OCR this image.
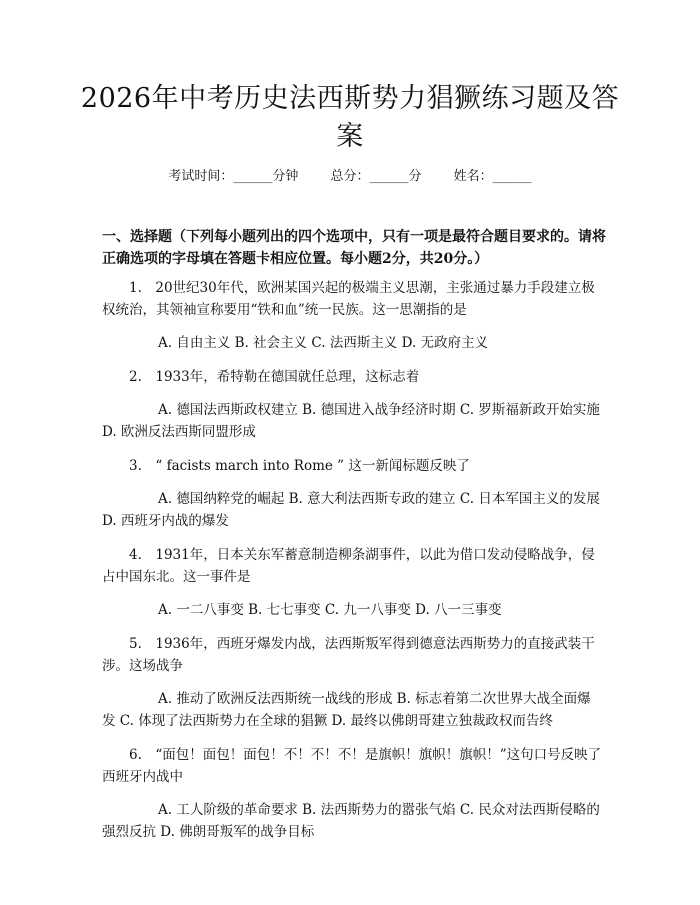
2026年中考历史法西斯势力猖獗练习题及答案
考试时间：______分钟 总分：______分 姓名：______
一、选择题（下列每小题列出的四个选项中，只有一项是最符合题目要求的。请将正确选项的字母填在答题卡相应位置。每小题2分，共20分。）

1.　20世纪30年代，欧洲某国兴起的极端主义思潮，主张通过暴力手段建立极权统治，其领袖宣称要用“铁和血”统一民族。这一思潮指的是

A. 自由主义 B. 社会主义 C. 法西斯主义 D. 无政府主义

2.　1933年，希特勒在德国就任总理，这标志着

A. 德国法西斯政权建立 B. 德国进入战争经济时期 C. 罗斯福新政开始实施 D. 欧洲反法西斯同盟形成

3.　“ facists march into Rome ” 这一新闻标题反映了

A. 德国纳粹党的崛起 B. 意大利法西斯专政的建立 C. 日本军国主义的发展 D. 西班牙内战的爆发

4.　1931年，日本关东军蓄意制造柳条湖事件，以此为借口发动侵略战争，侵占中国东北。这一事件是

A. 一二八事变 B. 七七事变 C. 九一八事变 D. 八一三事变

5.　1936年，西班牙爆发内战，法西斯叛军得到德意法西斯势力的直接武装干涉。这场战争

A. 推动了欧洲反法西斯统一战线的形成 B. 标志着第二次世界大战全面爆发 C. 体现了法西斯势力在全球的猖獗 D. 最终以佛朗哥建立独裁政权而告终

6.　“面包！面包！面包！不！不！不！是旗帜！旗帜！旗帜！”这句口号反映了西班牙内战中

A. 工人阶级的革命要求 B. 法西斯势力的嚣张气焰 C. 民众对法西斯侵略的强烈反抗 D. 佛朗哥叛军的战争目标
